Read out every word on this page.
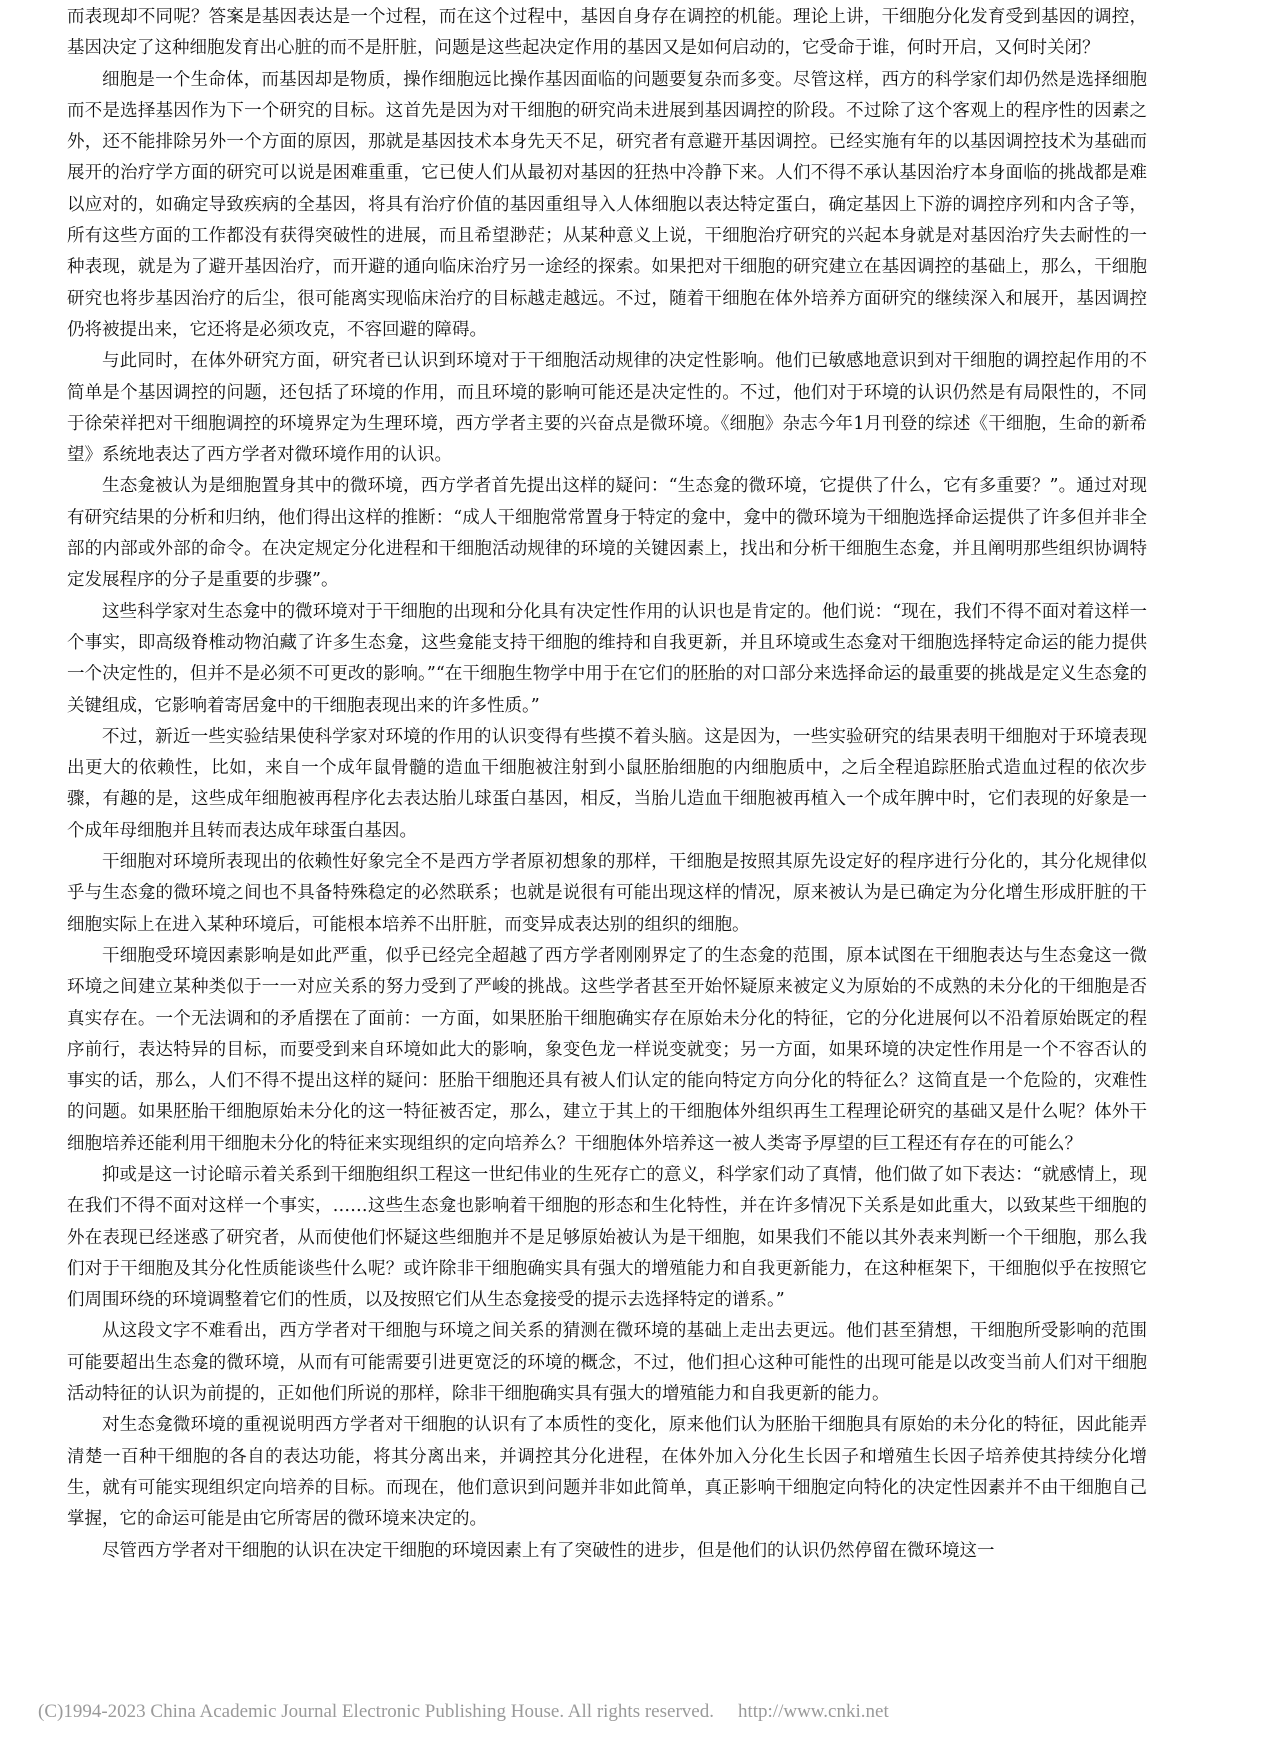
而表现却不同呢？答案是基因表达是一个过程，而在这个过程中，基因自身存在调控的机能。理论上讲，干细胞分化发育受到基因的调控，基因决定了这种细胞发育出心脏的而不是肝脏，问题是这些起决定作用的基因又是如何启动的，它受命于谁，何时开启，又何时关闭？

细胞是一个生命体，而基因却是物质，操作细胞远比操作基因面临的问题要复杂而多变。尽管这样，西方的科学家们却仍然是选择细胞而不是选择基因作为下一个研究的目标。这首先是因为对干细胞的研究尚未进展到基因调控的阶段。不过除了这个客观上的程序性的因素之外，还不能排除另外一个方面的原因，那就是基因技术本身先天不足，研究者有意避开基因调控。已经实施有年的以基因调控技术为基础而展开的治疗学方面的研究可以说是困难重重，它已使人们从最初对基因的狂热中冷静下来。人们不得不承认基因治疗本身面临的挑战都是难以应对的，如确定导致疾病的全基因，将具有治疗价值的基因重组导入人体细胞以表达特定蛋白，确定基因上下游的调控序列和内含子等，所有这些方面的工作都没有获得突破性的进展，而且希望渺茫；从某种意义上说，干细胞治疗研究的兴起本身就是对基因治疗失去耐性的一种表现，就是为了避开基因治疗，而开避的通向临床治疗另一途经的探索。如果把对干细胞的研究建立在基因调控的基础上，那么，干细胞研究也将步基因治疗的后尘，很可能离实现临床治疗的目标越走越远。不过，随着干细胞在体外培养方面研究的继续深入和展开，基因调控仍将被提出来，它还将是必须攻克，不容回避的障碍。

与此同时，在体外研究方面，研究者已认识到环境对于干细胞活动规律的决定性影响。他们已敏感地意识到对干细胞的调控起作用的不简单是个基因调控的问题，还包括了环境的作用，而且环境的影响可能还是决定性的。不过，他们对于环境的认识仍然是有局限性的，不同于徐荣祥把对干细胞调控的环境界定为生理环境，西方学者主要的兴奋点是微环境。《细胞》杂志今年1月刊登的综述《干细胞，生命的新希望》系统地表达了西方学者对微环境作用的认识。

生态龛被认为是细胞置身其中的微环境，西方学者首先提出这样的疑问：“生态龛的微环境，它提供了什么，它有多重要？”。通过对现有研究结果的分析和归纳，他们得出这样的推断：“成人干细胞常常置身于特定的龛中，龛中的微环境为干细胞选择命运提供了许多但并非全部的内部或外部的命令。在决定规定分化进程和干细胞活动规律的环境的关键因素上，找出和分析干细胞生态龛，并且阐明那些组织协调特定发展程序的分子是重要的步骤”。

这些科学家对生态龛中的微环境对于干细胞的出现和分化具有决定性作用的认识也是肯定的。他们说：“现在，我们不得不面对着这样一个事实，即高级脊椎动物泊藏了许多生态龛，这些龛能支持干细胞的维持和自我更新，并且环境或生态龛对干细胞选择特定命运的能力提供一个决定性的，但并不是必须不可更改的影响。”“在干细胞生物学中用于在它们的胚胎的对口部分来选择命运的最重要的挑战是定义生态龛的关键组成，它影响着寄居龛中的干细胞表现出来的许多性质。”

不过，新近一些实验结果使科学家对环境的作用的认识变得有些摸不着头脑。这是因为，一些实验研究的结果表明干细胞对于环境表现出更大的依赖性，比如，来自一个成年鼠骨髓的造血干细胞被注射到小鼠胚胎细胞的内细胞质中，之后全程追踪胚胎式造血过程的依次步骤，有趣的是，这些成年细胞被再程序化去表达胎儿球蛋白基因，相反，当胎儿造血干细胞被再植入一个成年脾中时，它们表现的好象是一个成年母细胞并且转而表达成年球蛋白基因。

干细胞对环境所表现出的依赖性好象完全不是西方学者原初想象的那样，干细胞是按照其原先设定好的程序进行分化的，其分化规律似乎与生态龛的微环境之间也不具备特殊稳定的必然联系；也就是说很有可能出现这样的情况，原来被认为是已确定为分化增生形成肝脏的干细胞实际上在进入某种环境后，可能根本培养不出肝脏，而变异成表达别的组织的细胞。

干细胞受环境因素影响是如此严重，似乎已经完全超越了西方学者刚刚界定了的生态龛的范围，原本试图在干细胞表达与生态龛这一微环境之间建立某种类似于一一对应关系的努力受到了严峻的挑战。这些学者甚至开始怀疑原来被定义为原始的不成熟的未分化的干细胞是否真实存在。一个无法调和的矛盾摆在了面前：一方面，如果胚胎干细胞确实存在原始未分化的特征，它的分化进展何以不沿着原始既定的程序前行，表达特异的目标，而要受到来自环境如此大的影响，象变色龙一样说变就变；另一方面，如果环境的决定性作用是一个不容否认的事实的话，那么，人们不得不提出这样的疑问：胚胎干细胞还具有被人们认定的能向特定方向分化的特征么？这简直是一个危险的，灾难性的问题。如果胚胎干细胞原始未分化的这一特征被否定，那么，建立于其上的干细胞体外组织再生工程理论研究的基础又是什么呢？体外干细胞培养还能利用干细胞未分化的特征来实现组织的定向培养么？干细胞体外培养这一被人类寄予厚望的巨工程还有存在的可能么？

抑或是这一讨论暗示着关系到干细胞组织工程这一世纪伟业的生死存亡的意义，科学家们动了真情，他们做了如下表达：“就感情上，现在我们不得不面对这样一个事实，……这些生态龛也影响着干细胞的形态和生化特性，并在许多情况下关系是如此重大，以致某些干细胞的外在表现已经迷惑了研究者，从而使他们怀疑这些细胞并不是足够原始被认为是干细胞，如果我们不能以其外表来判断一个干细胞，那么我们对于干细胞及其分化性质能谈些什么呢？或许除非干细胞确实具有强大的增殖能力和自我更新能力，在这种框架下，干细胞似乎在按照它们周围环绕的环境调整着它们的性质，以及按照它们从生态龛接受的提示去选择特定的谱系。”

从这段文字不难看出，西方学者对干细胞与环境之间关系的猜测在微环境的基础上走出去更远。他们甚至猜想，干细胞所受影响的范围可能要超出生态龛的微环境，从而有可能需要引进更宽泛的环境的概念，不过，他们担心这种可能性的出现可能是以改变当前人们对干细胞活动特征的认识为前提的，正如他们所说的那样，除非干细胞确实具有强大的增殖能力和自我更新的能力。

对生态龛微环境的重视说明西方学者对干细胞的认识有了本质性的变化，原来他们认为胚胎干细胞具有原始的未分化的特征，因此能弄清楚一百种干细胞的各自的表达功能，将其分离出来，并调控其分化进程，在体外加入分化生长因子和增殖生长因子培养使其持续分化增生，就有可能实现组织定向培养的目标。而现在，他们意识到问题并非如此简单，真正影响干细胞定向特化的决定性因素并不由干细胞自己掌握，它的命运可能是由它所寄居的微环境来决定的。

尽管西方学者对干细胞的认识在决定干细胞的环境因素上有了突破性的进步，但是他们的认识仍然停留在微环境这一

(C)1994-2023 China Academic Journal Electronic Publishing House. All rights reserved. http://www.cnki.net
